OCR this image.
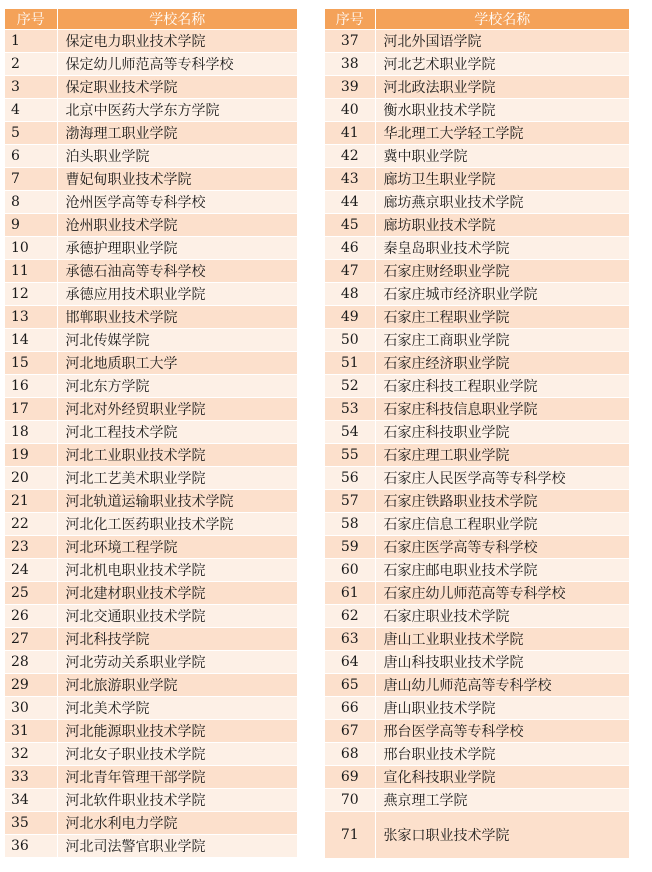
序号	学校名称
1	保定电力职业技术学院
2	保定幼儿师范高等专科学校
3	保定职业技术学院
4	北京中医药大学东方学院
5	渤海理工职业学院
6	泊头职业学院
7	曹妃甸职业技术学院
8	沧州医学高等专科学校
9	沧州职业技术学院
10	承德护理职业学院
11	承德石油高等专科学校
12	承德应用技术职业学院
13	邯郸职业技术学院
14	河北传媒学院
15	河北地质职工大学
16	河北东方学院
17	河北对外经贸职业学院
18	河北工程技术学院
19	河北工业职业技术学院
20	河北工艺美术职业学院
21	河北轨道运输职业技术学院
22	河北化工医药职业技术学院
23	河北环境工程学院
24	河北机电职业技术学院
25	河北建材职业技术学院
26	河北交通职业技术学院
27	河北科技学院
28	河北劳动关系职业学院
29	河北旅游职业学院
30	河北美术学院
31	河北能源职业技术学院
32	河北女子职业技术学院
33	河北青年管理干部学院
34	河北软件职业技术学院
35	河北水利电力学院
36	河北司法警官职业学院
序号	学校名称
37	河北外国语学院
38	河北艺术职业学院
39	河北政法职业学院
40	衡水职业技术学院
41	华北理工大学轻工学院
42	冀中职业学院
43	廊坊卫生职业学院
44	廊坊燕京职业技术学院
45	廊坊职业技术学院
46	秦皇岛职业技术学院
47	石家庄财经职业学院
48	石家庄城市经济职业学院
49	石家庄工程职业学院
50	石家庄工商职业学院
51	石家庄经济职业学院
52	石家庄科技工程职业学院
53	石家庄科技信息职业学院
54	石家庄科技职业学院
55	石家庄理工职业学院
56	石家庄人民医学高等专科学校
57	石家庄铁路职业技术学院
58	石家庄信息工程职业学院
59	石家庄医学高等专科学校
60	石家庄邮电职业技术学院
61	石家庄幼儿师范高等专科学校
62	石家庄职业技术学院
63	唐山工业职业技术学院
64	唐山科技职业技术学院
65	唐山幼儿师范高等专科学校
66	唐山职业技术学院
67	邢台医学高等专科学校
68	邢台职业技术学院
69	宣化科技职业学院
70	燕京理工学院
71	张家口职业技术学院
